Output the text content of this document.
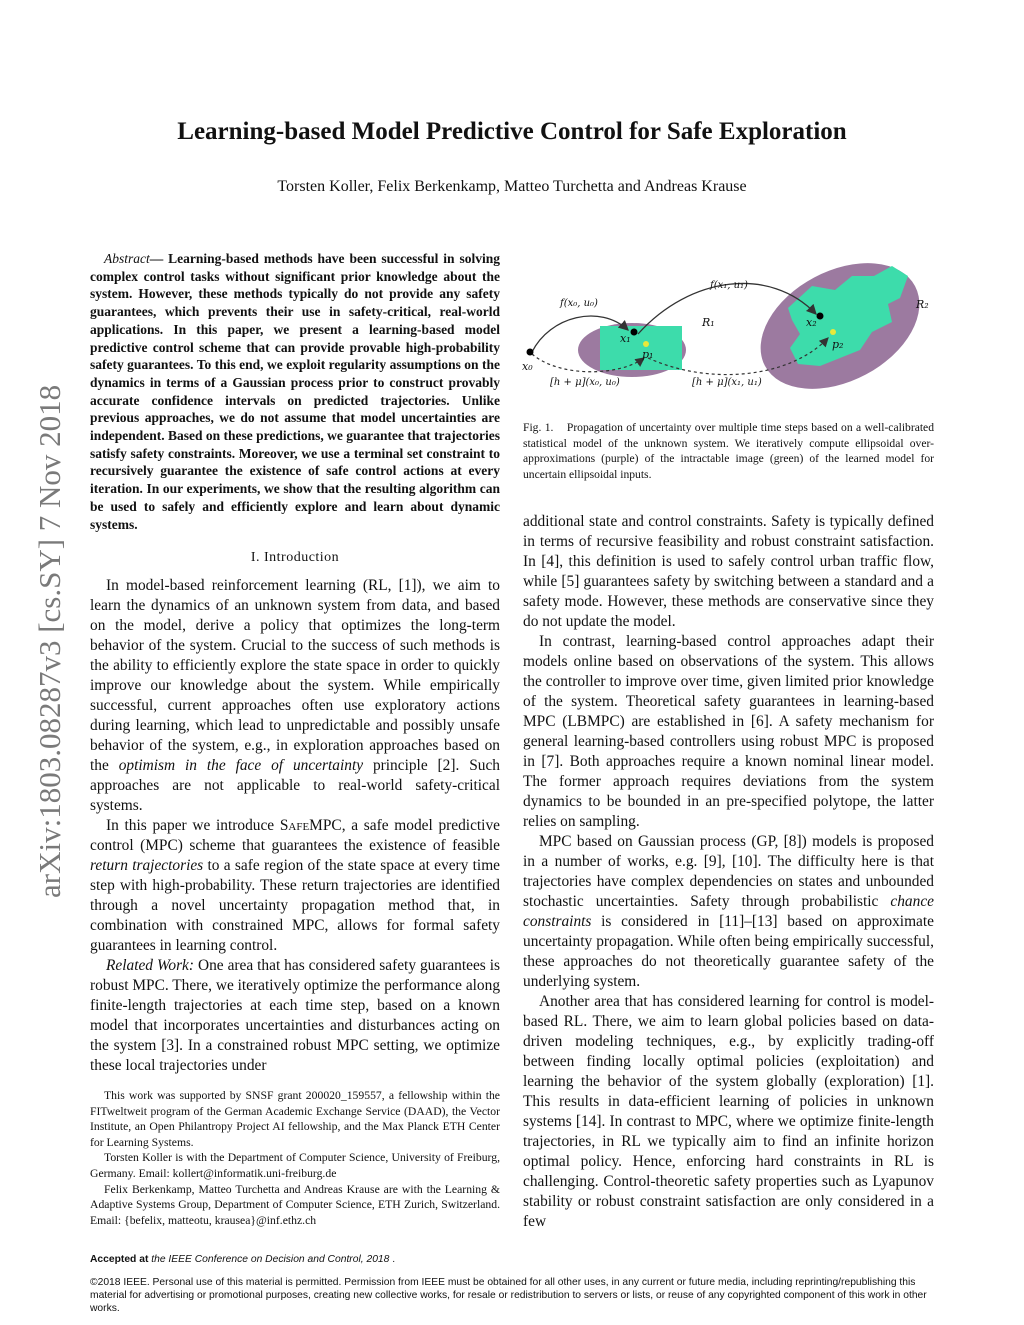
Learning-based Model Predictive Control for Safe Exploration
Torsten Koller, Felix Berkenkamp, Matteo Turchetta and Andreas Krause
arXiv:1803.08287v3 [cs.SY] 7 Nov 2018
Abstract— Learning-based methods have been successful in solving complex control tasks without significant prior knowledge about the system. However, these methods typically do not provide any safety guarantees, which prevents their use in safety-critical, real-world applications. In this paper, we present a learning-based model predictive control scheme that can provide provable high-probability safety guarantees. To this end, we exploit regularity assumptions on the dynamics in terms of a Gaussian process prior to construct provably accurate confidence intervals on predicted trajectories. Unlike previous approaches, we do not assume that model uncertainties are independent. Based on these predictions, we guarantee that trajectories satisfy safety constraints. Moreover, we use a terminal set constraint to recursively guarantee the existence of safe control actions at every iteration. In our experiments, we show that the resulting algorithm can be used to safely and efficiently explore and learn about dynamic systems.
I. Introduction

In model-based reinforcement learning (RL, [1]), we aim to learn the dynamics of an unknown system from data, and based on the model, derive a policy that optimizes the long-term behavior of the system. Crucial to the success of such methods is the ability to efficiently explore the state space in order to quickly improve our knowledge about the system. While empirically successful, current approaches often use exploratory actions during learning, which lead to unpredictable and possibly unsafe behavior of the system, e.g., in exploration approaches based on the optimism in the face of uncertainty principle [2]. Such approaches are not applicable to real-world safety-critical systems.

In this paper we introduce SafeMPC, a safe model predictive control (MPC) scheme that guarantees the existence of feasible return trajectories to a safe region of the state space at every time step with high-probability. These return trajectories are identified through a novel uncertainty propagation method that, in combination with constrained MPC, allows for formal safety guarantees in learning control.

Related Work: One area that has considered safety guarantees is robust MPC. There, we iteratively optimize the performance along finite-length trajectories at each time step, based on a known model that incorporates uncertainties and disturbances acting on the system [3]. In a constrained robust MPC setting, we optimize these local trajectories under

This work was supported by SNSF grant 200020_159557, a fellowship within the FITweltweit program of the German Academic Exchange Service (DAAD), the Vector Institute, an Open Philantropy Project AI fellowship, and the Max Planck ETH Center for Learning Systems.

Torsten Koller is with the Department of Computer Science, University of Freiburg, Germany. Email: kollert@informatik.uni-freiburg.de

Felix Berkenkamp, Matteo Turchetta and Andreas Krause are with the Learning & Adaptive Systems Group, Department of Computer Science, ETH Zurich, Switzerland. Email: {befelix, matteotu, krausea}@inf.ethz.ch

x₀
x₁
p₁
R₁	x₂
p₂
R₂
f(x₀, u₀)
f(x₁, u₁)
[h + μ](x₀, u₀)	[h + μ](x₁, u₁)
Fig. 1. Propagation of uncertainty over multiple time steps based on a well-calibrated statistical model of the unknown system. We iteratively compute ellipsoidal over-approximations (purple) of the intractable image (green) of the learned model for uncertain ellipsoidal inputs.

additional state and control constraints. Safety is typically defined in terms of recursive feasibility and robust constraint satisfaction. In [4], this definition is used to safely control urban traffic flow, while [5] guarantees safety by switching between a standard and a safety mode. However, these methods are conservative since they do not update the model.

In contrast, learning-based control approaches adapt their models online based on observations of the system. This allows the controller to improve over time, given limited prior knowledge of the system. Theoretical safety guarantees in learning-based MPC (LBMPC) are established in [6]. A safety mechanism for general learning-based controllers using robust MPC is proposed in [7]. Both approaches require a known nominal linear model. The former approach requires deviations from the system dynamics to be bounded in an pre-specified polytope, the latter relies on sampling.

MPC based on Gaussian process (GP, [8]) models is proposed in a number of works, e.g. [9], [10]. The difficulty here is that trajectories have complex dependencies on states and unbounded stochastic uncertainties. Safety through probabilistic chance constraints is considered in [11]–[13] based on approximate uncertainty propagation. While often being empirically successful, these approaches do not theoretically guarantee safety of the underlying system.

Another area that has considered learning for control is model-based RL. There, we aim to learn global policies based on data-driven modeling techniques, e.g., by explicitly trading-off between finding locally optimal policies (exploitation) and learning the behavior of the system globally (exploration) [1]. This results in data-efficient learning of policies in unknown systems [14]. In contrast to MPC, where we optimize finite-length trajectories, in RL we typically aim to find an infinite horizon optimal policy. Hence, enforcing hard constraints in RL is challenging. Control-theoretic safety properties such as Lyapunov stability or robust constraint satisfaction are only considered in a few

Accepted at the IEEE Conference on Decision and Control, 2018 .
©2018 IEEE. Personal use of this material is permitted. Permission from IEEE must be obtained for all other uses, in any current or future media, including reprinting/republishing this material for advertising or promotional purposes, creating new collective works, for resale or redistribution to servers or lists, or reuse of any copyrighted component of this work in other works.
